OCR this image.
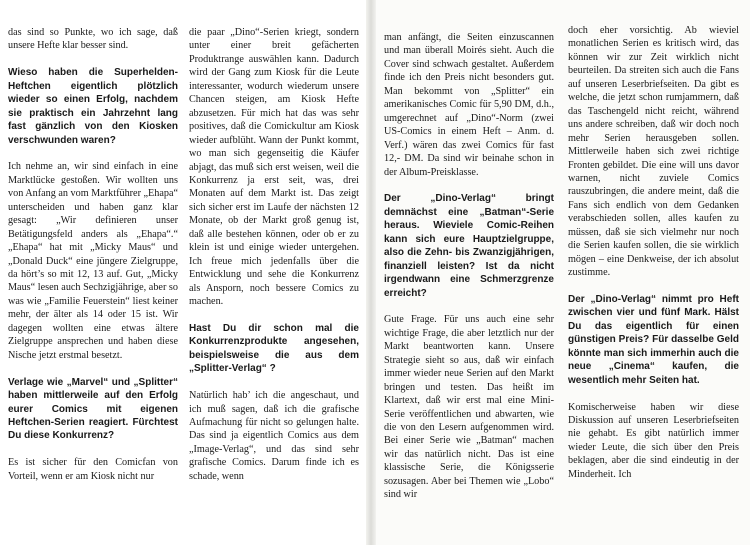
das sind so Punkte, wo ich sage, daß unsere Hefte klar besser sind.

Wieso haben die Superhelden-Heftchen eigentlich plötzlich wieder so einen Erfolg, nachdem sie praktisch ein Jahrzehnt lang fast gänzlich von den Kiosken verschwunden waren?

Ich nehme an, wir sind einfach in eine Marktlücke gestoßen. Wir wollten uns von Anfang an vom Marktführer „Ehapa“ unterscheiden und haben ganz klar gesagt: „Wir definieren unser Betätigungsfeld anders als „Ehapa“.“ „Ehapa“ hat mit „Micky Maus“ und „Donald Duck“ eine jüngere Zielgruppe, da hört’s so mit 12, 13 auf. Gut, „Micky Maus“ lesen auch Sechzigjährige, aber so was wie „Familie Feuerstein“ liest keiner mehr, der älter als 14 oder 15 ist. Wir dagegen wollten eine etwas ältere Zielgruppe ansprechen und haben diese Nische jetzt erstmal besetzt.

Verlage wie „Marvel“ und „Splitter“ haben mittlerweile auf den Erfolg eurer Comics mit eigenen Heftchen-Serien reagiert. Fürchtest Du diese Konkurrenz?

Es ist sicher für den Comicfan von Vorteil, wenn er am Kiosk nicht nur

die paar „Dino“-Serien kriegt, sondern unter einer breit gefächerten Produktrange auswählen kann. Dadurch wird der Gang zum Kiosk für die Leute interessanter, wodurch wiederum unsere Chancen steigen, am Kiosk Hefte abzusetzen. Für mich hat das was sehr positives, daß die Comickultur am Kiosk wieder aufblüht. Wann der Punkt kommt, wo man sich gegenseitig die Käufer abjagt, das muß sich erst weisen, weil die Konkurrenz ja erst seit, was, drei Monaten auf dem Markt ist. Das zeigt sich sicher erst im Laufe der nächsten 12 Monate, ob der Markt groß genug ist, daß alle bestehen können, oder ob er zu klein ist und einige wieder untergehen. Ich freue mich jedenfalls über die Entwicklung und sehe die Konkurrenz als Ansporn, noch bessere Comics zu machen.

Hast Du dir schon mal die Konkurrenzprodukte angesehen, beispielsweise die aus dem „Splitter-Verlag“ ?

Natürlich hab’ ich die angeschaut, und ich muß sagen, daß ich die grafische Aufmachung für nicht so gelungen halte. Das sind ja eigentlich Comics aus dem „Image-Verlag“, und das sind sehr grafische Comics. Darum finde ich es schade, wenn

man anfängt, die Seiten einzuscannen und man überall Moirés sieht. Auch die Cover sind schwach gestaltet. Außerdem finde ich den Preis nicht besonders gut. Man bekommt von „Splitter“ ein amerikanisches Comic für 5,90 DM, d.h., umgerechnet auf „Dino“-Norm (zwei US-Comics in einem Heft – Anm. d. Verf.) wären das zwei Comics für fast 12,- DM. Da sind wir beinahe schon in der Album-Preisklasse.

Der „Dino-Verlag“ bringt demnächst eine „Batman“-Serie heraus. Wieviele Comic-Reihen kann sich eure Hauptzielgruppe, also die Zehn- bis Zwanzigjährigen, finanziell leisten? Ist da nicht irgendwann eine Schmerzgrenze erreicht?

Gute Frage. Für uns auch eine sehr wichtige Frage, die aber letztlich nur der Markt beantworten kann. Unsere Strategie sieht so aus, daß wir einfach immer wieder neue Serien auf den Markt bringen und testen. Das heißt im Klartext, daß wir erst mal eine Mini-Serie veröffentlichen und abwarten, wie die von den Lesern aufgenommen wird. Bei einer Serie wie „Batman“ machen wir das natürlich nicht. Das ist eine klassische Serie, die Königsserie sozusagen. Aber bei Themen wie „Lobo“ sind wir

doch eher vorsichtig. Ab wieviel monatlichen Serien es kritisch wird, das können wir zur Zeit wirklich nicht beurteilen. Da streiten sich auch die Fans auf unseren Leserbriefseiten. Da gibt es welche, die jetzt schon rumjammern, daß das Taschengeld nicht reicht, während uns andere schreiben, daß wir doch noch mehr Serien herausgeben sollen. Mittlerweile haben sich zwei richtige Fronten gebildet. Die eine will uns davor warnen, nicht zuviele Comics rauszubringen, die andere meint, daß die Fans sich endlich von dem Gedanken verabschieden sollen, alles kaufen zu müssen, daß sie sich vielmehr nur noch die Serien kaufen sollen, die sie wirklich mögen – eine Denkweise, der ich absolut zustimme.

Der „Dino-Verlag“ nimmt pro Heft zwischen vier und fünf Mark. Hälst Du das eigentlich für einen günstigen Preis? Für dasselbe Geld könnte man sich immerhin auch die neue „Cinema“ kaufen, die wesentlich mehr Seiten hat.

Komischerweise haben wir diese Diskussion auf unseren Leserbriefseiten nie gehabt. Es gibt natürlich immer wieder Leute, die sich über den Preis beklagen, aber die sind eindeutig in der Minderheit. Ich
